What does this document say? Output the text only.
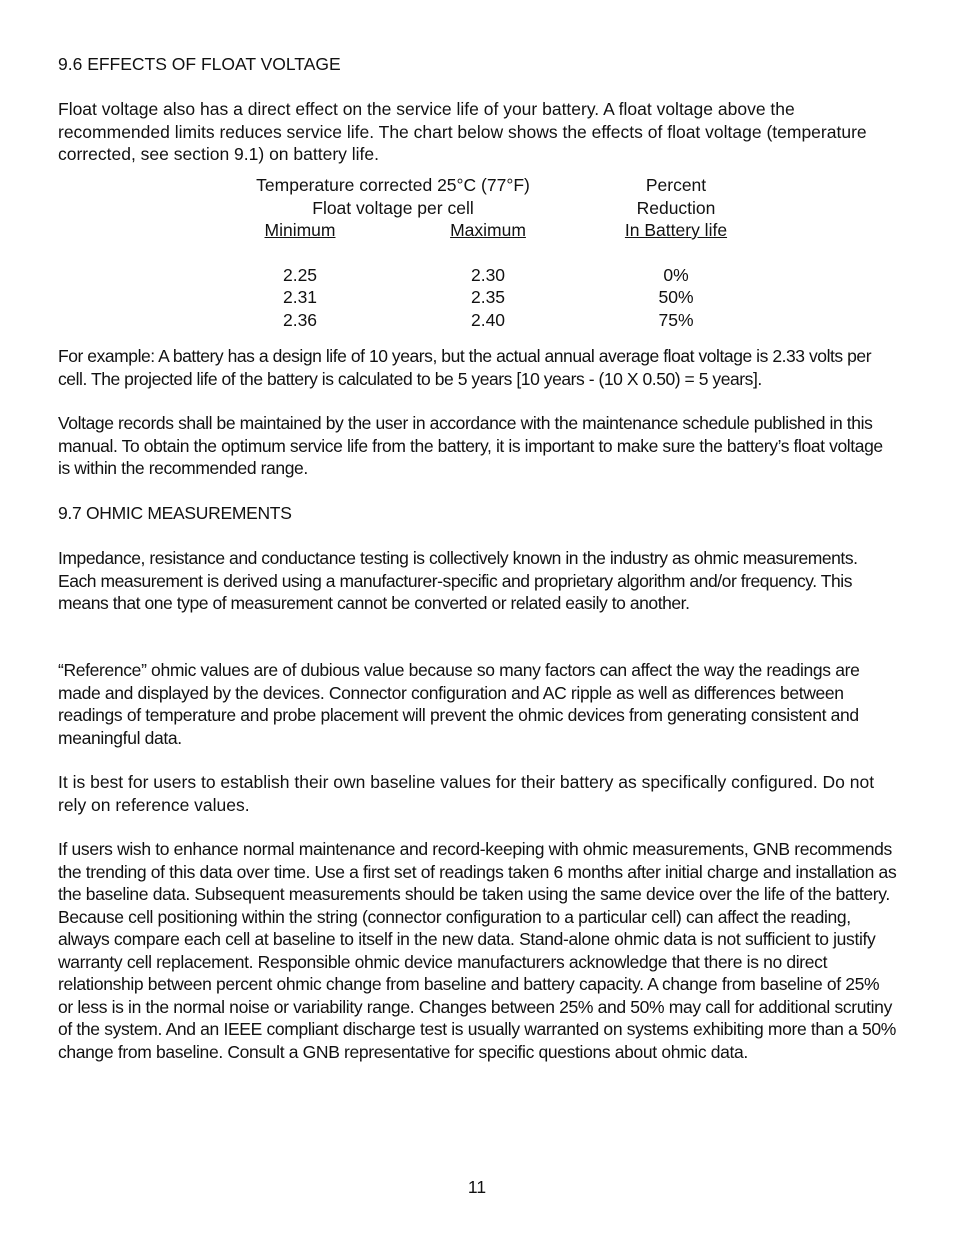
9.6 EFFECTS OF FLOAT VOLTAGE

Float voltage also has a direct effect on the service life of your battery. A float voltage above the recommended limits reduces service life. The chart below shows the effects of float voltage (temperature corrected, see section 9.1) on battery life.

Temperature corrected 25°C (77°F)
Float voltage per cell
Percent
Reduction
Minimum	Maximum	In Battery life
2.25	2.30	0%
2.31	2.35	50%
2.36	2.40	75%

For example: A battery has a design life of 10 years, but the actual annual average float voltage is 2.33 volts per cell. The projected life of the battery is calculated to be 5 years [10 years - (10 X 0.50) = 5 years].

Voltage records shall be maintained by the user in accordance with the maintenance schedule published in this manual. To obtain the optimum service life from the battery, it is important to make sure the battery’s float voltage is within the recommended range.

9.7 OHMIC MEASUREMENTS

Impedance, resistance and conductance testing is collectively known in the industry as ohmic measurements. Each measurement is derived using a manufacturer-specific and proprietary algorithm and/or frequency. This means that one type of measurement cannot be converted or related easily to another.

“Reference” ohmic values are of dubious value because so many factors can affect the way the readings are made and displayed by the devices. Connector configuration and AC ripple as well as differences between readings of temperature and probe placement will prevent the ohmic devices from generating consistent and meaningful data.

It is best for users to establish their own baseline values for their battery as specifically configured. Do not rely on reference values.

If users wish to enhance normal maintenance and record-keeping with ohmic measurements, GNB recommends the trending of this data over time. Use a first set of readings taken 6 months after initial charge and installation as the baseline data. Subsequent measurements should be taken using the same device over the life of the battery. Because cell positioning within the string (connector configuration to a particular cell) can affect the reading, always compare each cell at baseline to itself in the new data. Stand-alone ohmic data is not sufficient to justify warranty cell replacement. Responsible ohmic device manufacturers acknowledge that there is no direct relationship between percent ohmic change from baseline and battery capacity. A change from baseline of 25% or less is in the normal noise or variability range. Changes between 25% and 50% may call for additional scrutiny of the system. And an IEEE compliant discharge test is usually warranted on systems exhibiting more than a 50% change from baseline. Consult a GNB representative for specific questions about ohmic data.

11
